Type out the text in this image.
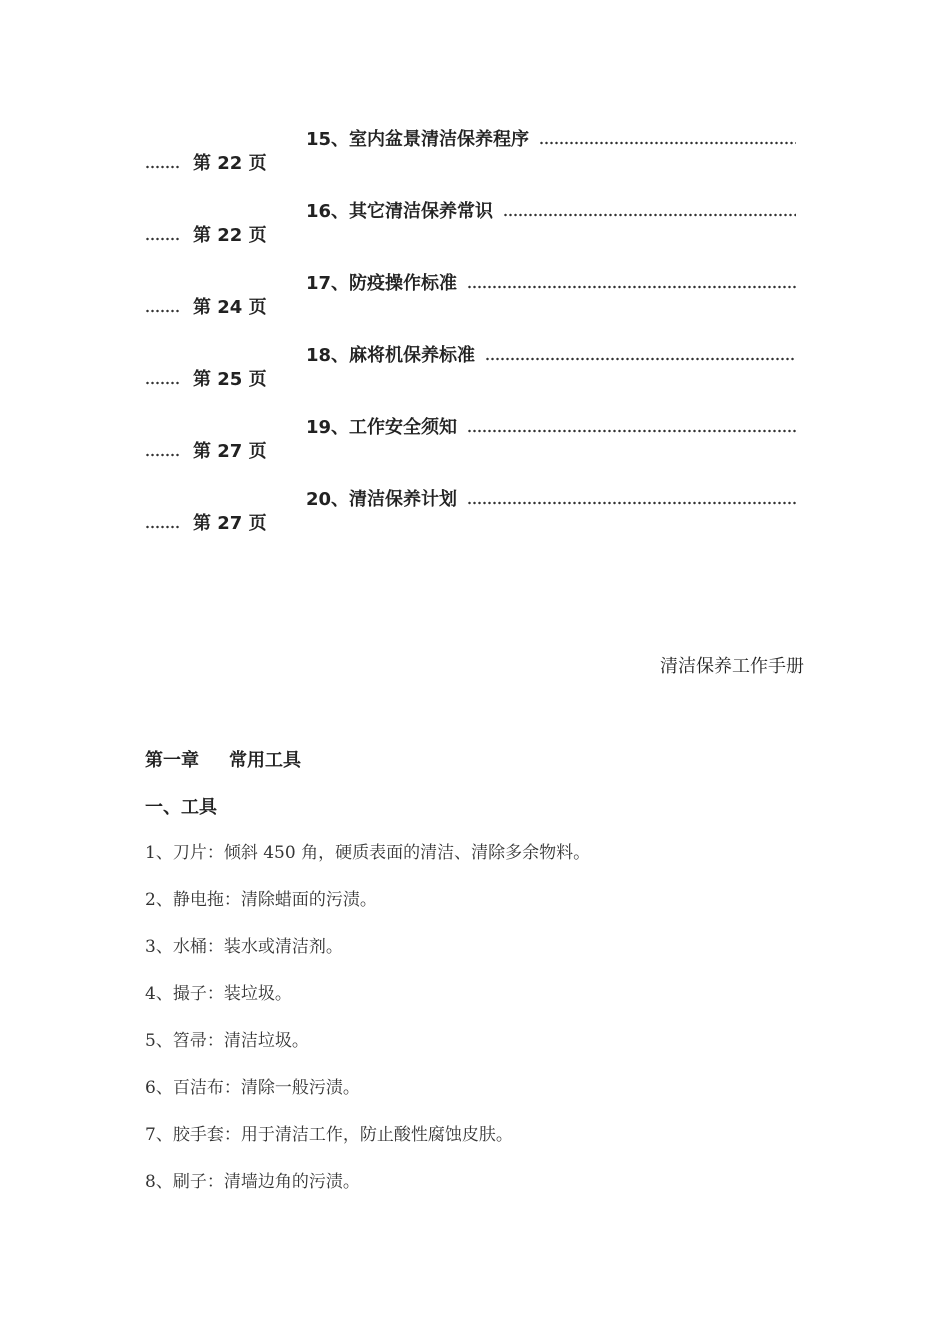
15、室内盆景清洁保养程序
第 22 页
16、其它清洁保养常识
第 22 页
17、防疫操作标准
第 24 页
18、麻将机保养标准
第 25 页
19、工作安全须知
第 27 页
20、清洁保养计划
第 27 页
清洁保养工作手册
第一章 常用工具
一、工具
1、刀片：倾斜 450 角，硬质表面的清洁、清除多余物料。
2、静电拖：清除蜡面的污渍。
3、水桶：装水或清洁剂。
4、撮子：装垃圾。
5、笤帚：清洁垃圾。
6、百洁布：清除一般污渍。
7、胶手套：用于清洁工作，防止酸性腐蚀皮肤。
8、刷子：清墙边角的污渍。
